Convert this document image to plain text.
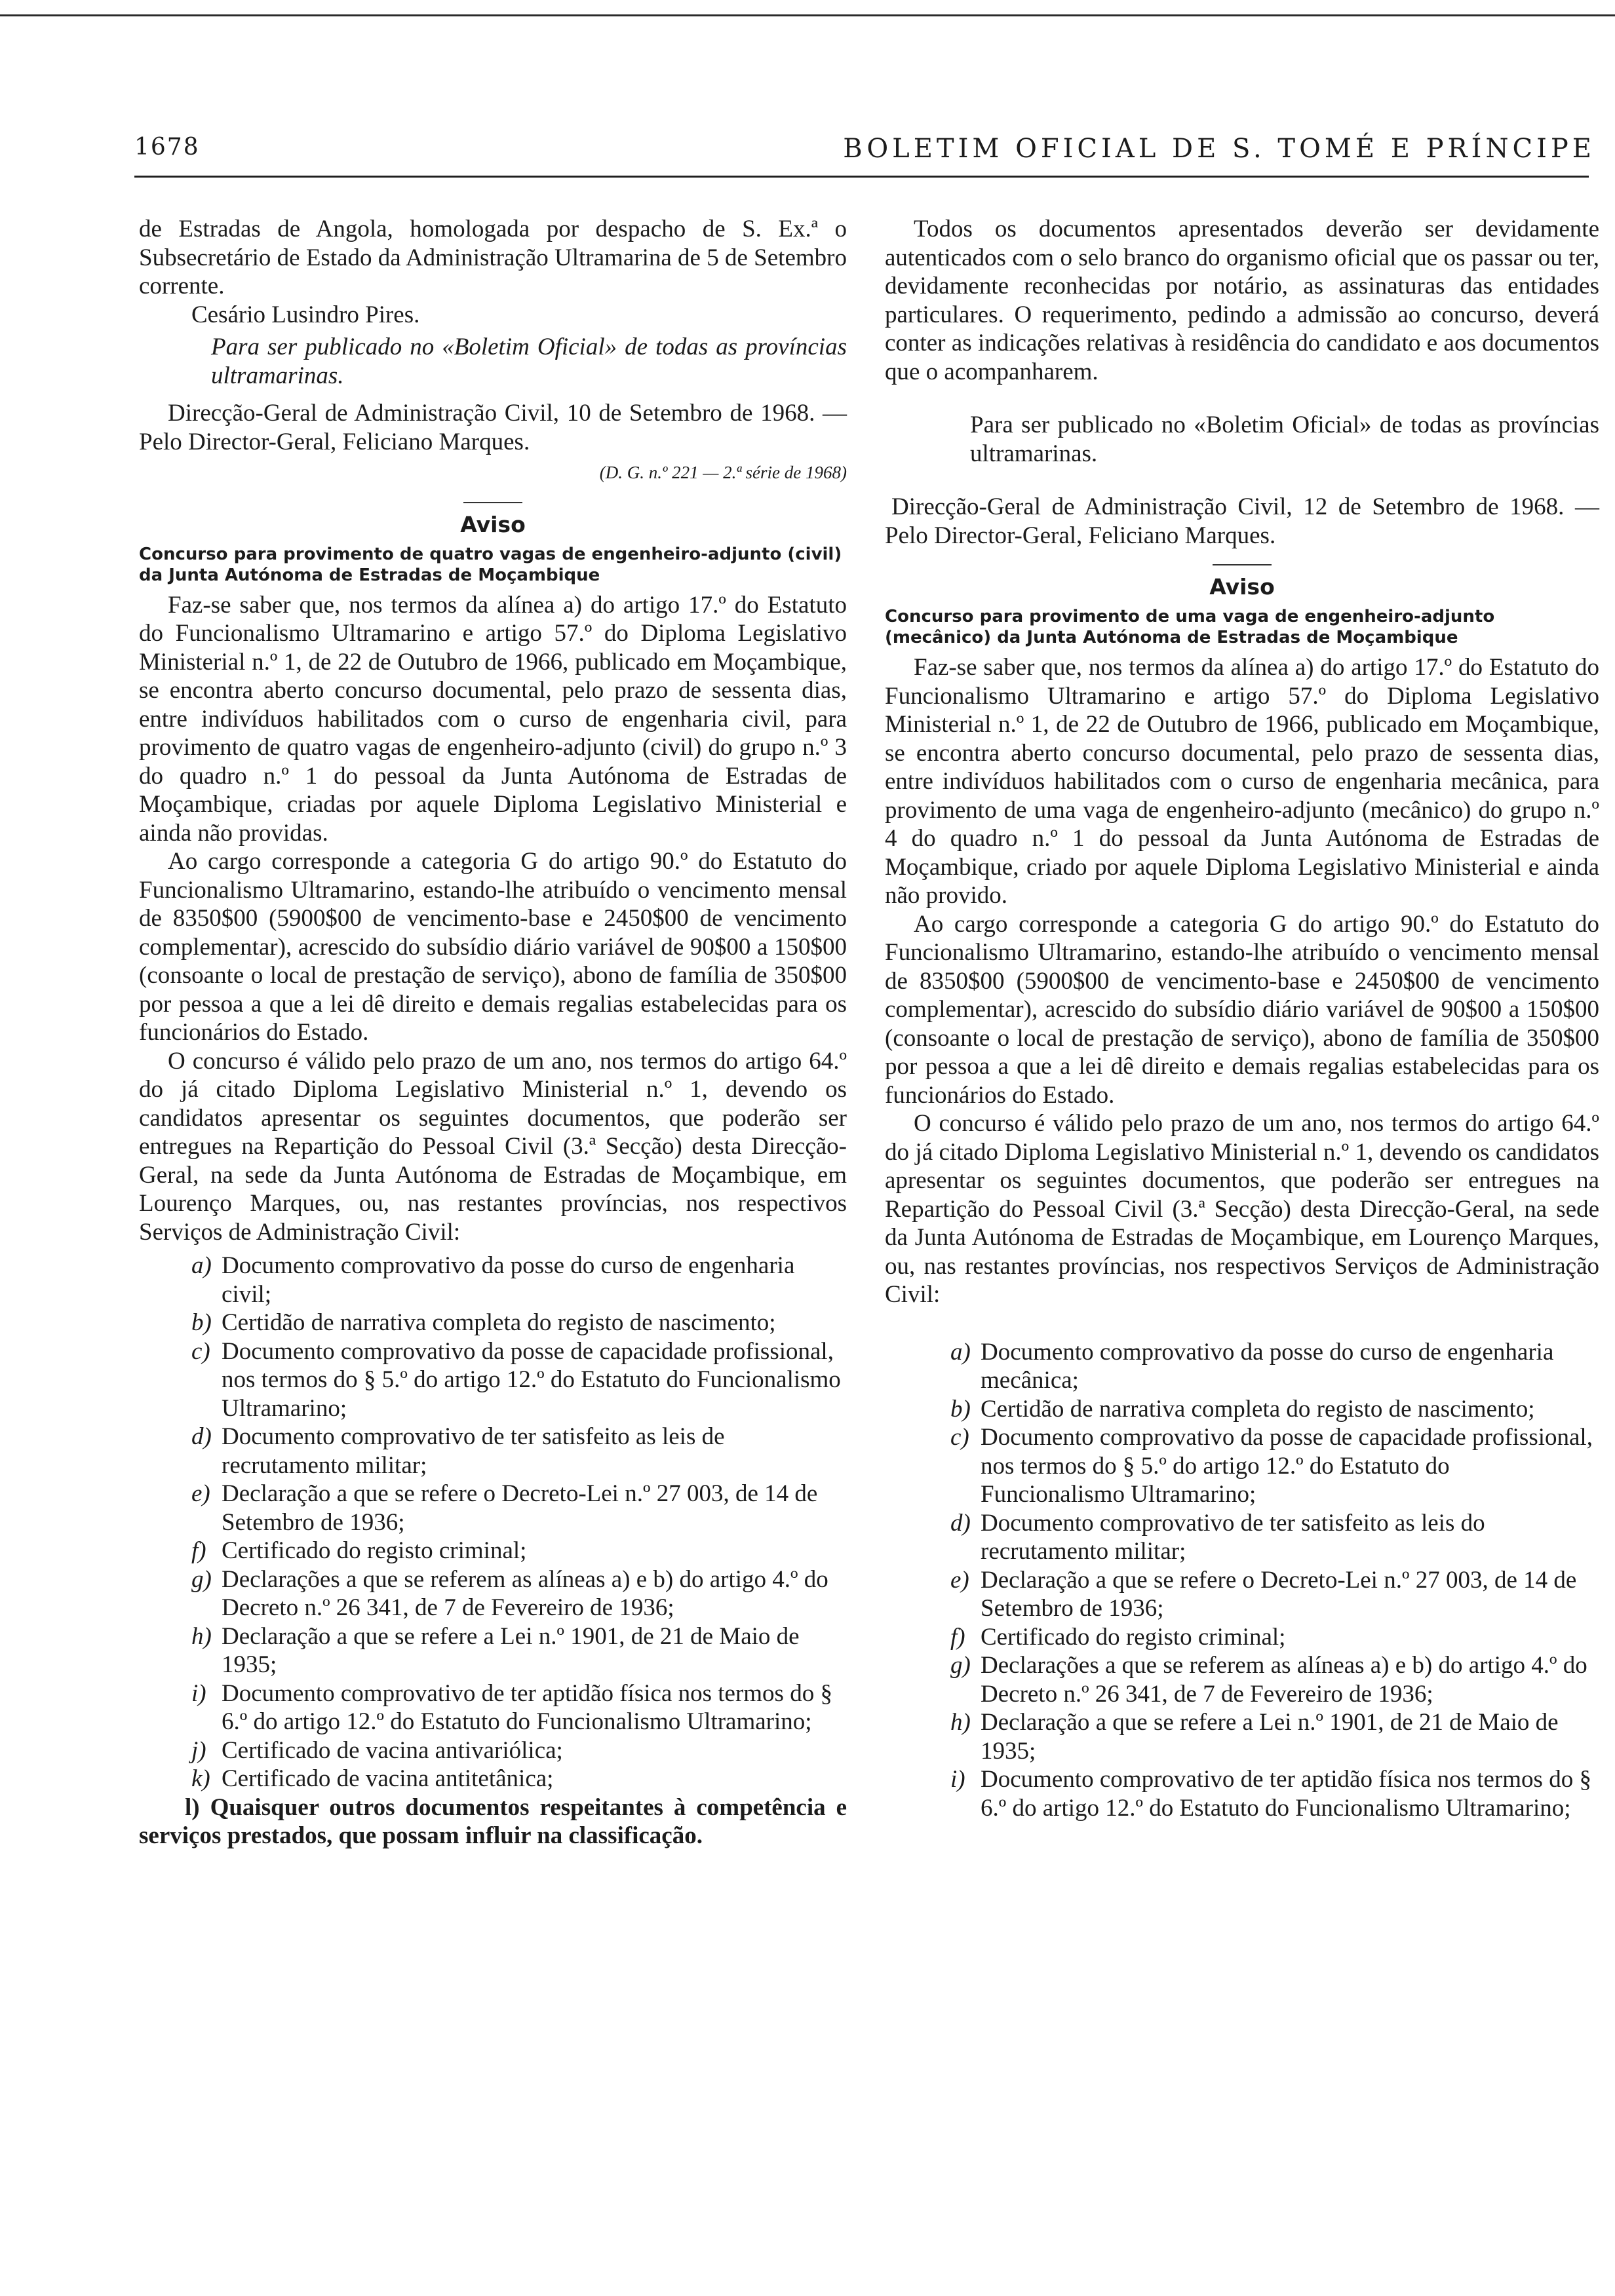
1678	BOLETIM OFICIAL DE S. TOMÉ E PRÍNCIPE

de Estradas de Angola, homologada por despacho de S. Ex.ª o Subsecretário de Estado da Administração Ultramarina de 5 de Setembro corrente.

Cesário Lusindro Pires.

Para ser publicado no «Boletim Oficial» de todas as províncias ultramarinas.

Direcção-Geral de Administração Civil, 10 de Setembro de 1968. — Pelo Director-Geral, Feliciano Marques.

(D. G. n.º 221 — 2.ª série de 1968)

Aviso

Concurso para provimento de quatro vagas de engenheiro-adjunto (civil) da Junta Autónoma de Estradas de Moçambique

Faz-se saber que, nos termos da alínea a) do artigo 17.º do Estatuto do Funcionalismo Ultramarino e artigo 57.º do Diploma Legislativo Ministerial n.º 1, de 22 de Outubro de 1966, publicado em Moçambique, se encontra aberto concurso documental, pelo prazo de sessenta dias, entre indivíduos habilitados com o curso de engenharia civil, para provimento de quatro vagas de engenheiro-adjunto (civil) do grupo n.º 3 do quadro n.º 1 do pessoal da Junta Autónoma de Estradas de Moçambique, criadas por aquele Diploma Legislativo Ministerial e ainda não providas.

Ao cargo corresponde a categoria G do artigo 90.º do Estatuto do Funcionalismo Ultramarino, estando-lhe atribuído o vencimento mensal de 8350$00 (5900$00 de vencimento-base e 2450$00 de vencimento complementar), acrescido do subsídio diário variável de 90$00 a 150$00 (consoante o local de prestação de serviço), abono de família de 350$00 por pessoa a que a lei dê direito e demais regalias estabelecidas para os funcionários do Estado.

O concurso é válido pelo prazo de um ano, nos termos do artigo 64.º do já citado Diploma Legislativo Ministerial n.º 1, devendo os candidatos apresentar os seguintes documentos, que poderão ser entregues na Repartição do Pessoal Civil (3.ª Secção) desta Direcção-Geral, na sede da Junta Autónoma de Estradas de Moçambique, em Lourenço Marques, ou, nas restantes províncias, nos respectivos Serviços de Administração Civil:

a) Documento comprovativo da posse do curso de engenharia civil;
b) Certidão de narrativa completa do registo de nascimento;
c) Documento comprovativo da posse de capacidade profissional, nos termos do § 5.º do artigo 12.º do Estatuto do Funcionalismo Ultramarino;
d) Documento comprovativo de ter satisfeito as leis de recrutamento militar;
e) Declaração a que se refere o Decreto-Lei n.º 27 003, de 14 de Setembro de 1936;
f) Certificado do registo criminal;
g) Declarações a que se referem as alíneas a) e b) do artigo 4.º do Decreto n.º 26 341, de 7 de Fevereiro de 1936;
h) Declaração a que se refere a Lei n.º 1901, de 21 de Maio de 1935;
i) Documento comprovativo de ter aptidão física nos termos do § 6.º do artigo 12.º do Estatuto do Funcionalismo Ultramarino;
j) Certificado de vacina antivariólica;
k) Certificado de vacina antitetânica;

l) Quaisquer outros documentos respeitantes à competência e serviços prestados, que possam influir na classificação.

Todos os documentos apresentados deverão ser devidamente autenticados com o selo branco do organismo oficial que os passar ou ter, devidamente reconhecidas por notário, as assinaturas das entidades particulares. O requerimento, pedindo a admissão ao concurso, deverá conter as indicações relativas à residência do candidato e aos documentos que o acompanharem.

Para ser publicado no «Boletim Oficial» de todas as províncias ultramarinas.

Direcção-Geral de Administração Civil, 12 de Setembro de 1968. — Pelo Director-Geral, Feliciano Marques.

Aviso

Concurso para provimento de uma vaga de engenheiro-adjunto (mecânico) da Junta Autónoma de Estradas de Moçambique

Faz-se saber que, nos termos da alínea a) do artigo 17.º do Estatuto do Funcionalismo Ultramarino e artigo 57.º do Diploma Legislativo Ministerial n.º 1, de 22 de Outubro de 1966, publicado em Moçambique, se encontra aberto concurso documental, pelo prazo de sessenta dias, entre indivíduos habilitados com o curso de engenharia mecânica, para provimento de uma vaga de engenheiro-adjunto (mecânico) do grupo n.º 4 do quadro n.º 1 do pessoal da Junta Autónoma de Estradas de Moçambique, criado por aquele Diploma Legislativo Ministerial e ainda não provido.

Ao cargo corresponde a categoria G do artigo 90.º do Estatuto do Funcionalismo Ultramarino, estando-lhe atribuído o vencimento mensal de 8350$00 (5900$00 de vencimento-base e 2450$00 de vencimento complementar), acrescido do subsídio diário variável de 90$00 a 150$00 (consoante o local de prestação de serviço), abono de família de 350$00 por pessoa a que a lei dê direito e demais regalias estabelecidas para os funcionários do Estado.

O concurso é válido pelo prazo de um ano, nos termos do artigo 64.º do já citado Diploma Legislativo Ministerial n.º 1, devendo os candidatos apresentar os seguintes documentos, que poderão ser entregues na Repartição do Pessoal Civil (3.ª Secção) desta Direcção-Geral, na sede da Junta Autónoma de Estradas de Moçambique, em Lourenço Marques, ou, nas restantes províncias, nos respectivos Serviços de Administração Civil:

a) Documento comprovativo da posse do curso de engenharia mecânica;
b) Certidão de narrativa completa do registo de nascimento;
c) Documento comprovativo da posse de capacidade profissional, nos termos do § 5.º do artigo 12.º do Estatuto do Funcionalismo Ultramarino;
d) Documento comprovativo de ter satisfeito as leis do recrutamento militar;
e) Declaração a que se refere o Decreto-Lei n.º 27 003, de 14 de Setembro de 1936;
f) Certificado do registo criminal;
g) Declarações a que se referem as alíneas a) e b) do artigo 4.º do Decreto n.º 26 341, de 7 de Fevereiro de 1936;
h) Declaração a que se refere a Lei n.º 1901, de 21 de Maio de 1935;
i) Documento comprovativo de ter aptidão física nos termos do § 6.º do artigo 12.º do Estatuto do Funcionalismo Ultramarino;
